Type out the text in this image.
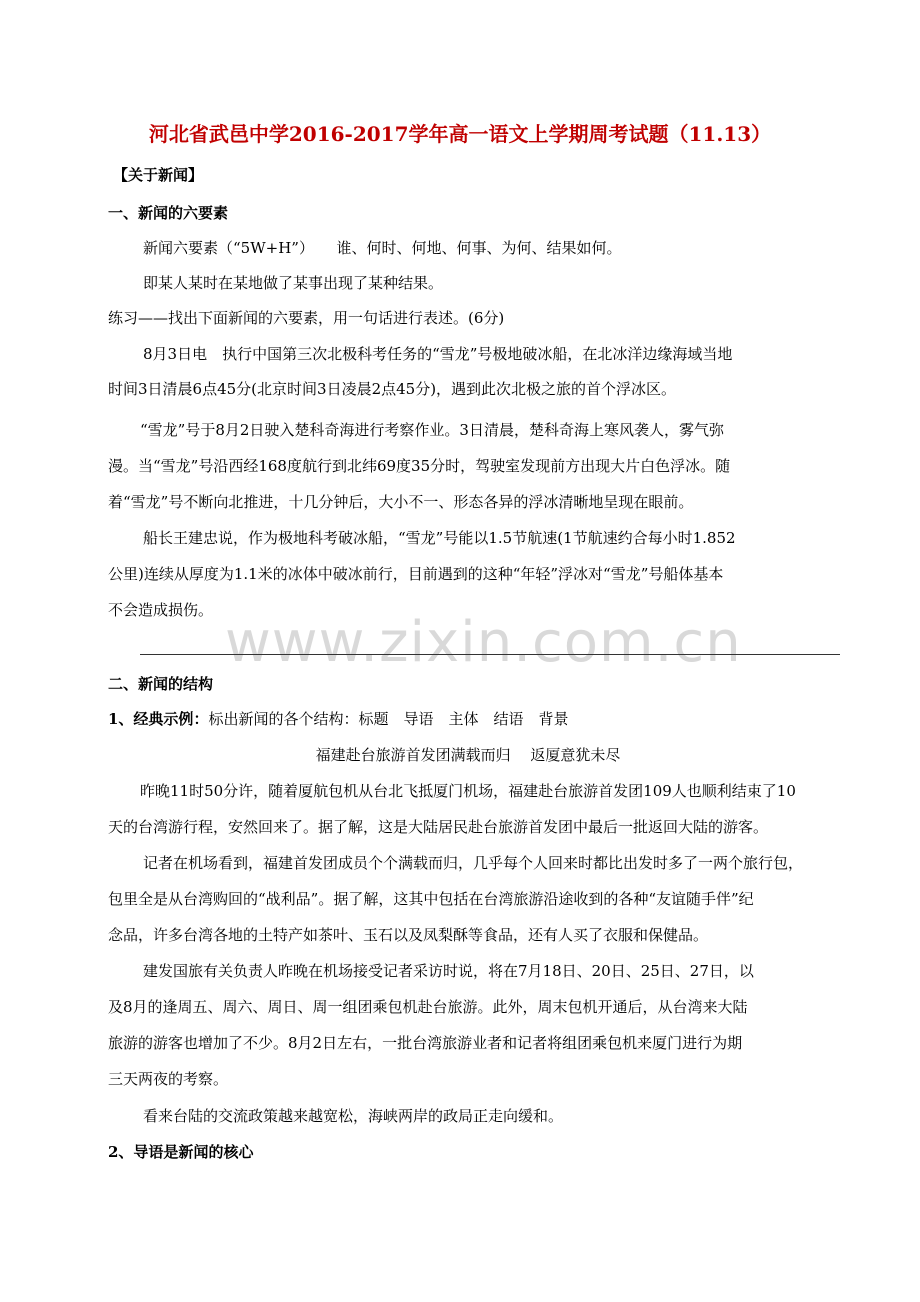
河北省武邑中学2016-2017学年高一语文上学期周考试题（11.13）
【关于新闻】
一、新闻的六要素
新闻六要素（“5W+H”）　　谁、何时、何地、何事、为何、结果如何。
即某人某时在某地做了某事出现了某种结果。
练习——找出下面新闻的六要素，用一句话进行表述。(6分)
8月3日电　执行中国第三次北极科考任务的“雪龙”号极地破冰船，在北冰洋边缘海域当地
时间3日清晨6点45分(北京时间3日凌晨2点45分)，遇到此次北极之旅的首个浮冰区。
“雪龙”号于8月2日驶入楚科奇海进行考察作业。3日清晨，楚科奇海上寒风袭人，雾气弥
漫。当“雪龙”号沿西经168度航行到北纬69度35分时，驾驶室发现前方出现大片白色浮冰。随
着“雪龙”号不断向北推进，十几分钟后，大小不一、形态各异的浮冰清晰地呈现在眼前。
船长王建忠说，作为极地科考破冰船，“雪龙”号能以1.5节航速(1节航速约合每小时1.852
公里)连续从厚度为1.1米的冰体中破冰前行，目前遇到的这种“年轻”浮冰对“雪龙”号船体基本
不会造成损伤。 www.zixin.com.cn
二、新闻的结构
1、经典示例：标出新闻的各个结构：标题　导语　主体　结语　背景
福建赴台旅游首发团满载而归　 返厦意犹未尽
昨晚11时50分许，随着厦航包机从台北飞抵厦门机场，福建赴台旅游首发团109人也顺利结束了10
天的台湾游行程，安然回来了。据了解，这是大陆居民赴台旅游首发团中最后一批返回大陆的游客。
记者在机场看到，福建首发团成员个个满载而归，几乎每个人回来时都比出发时多了一两个旅行包，
包里全是从台湾购回的“战利品”。据了解，这其中包括在台湾旅游沿途收到的各种“友谊随手伴”纪
念品，许多台湾各地的土特产如茶叶、玉石以及凤梨酥等食品，还有人买了衣服和保健品。
建发国旅有关负责人昨晚在机场接受记者采访时说，将在7月18日、20日、25日、27日，以
及8月的逢周五、周六、周日、周一组团乘包机赴台旅游。此外，周末包机开通后，从台湾来大陆
旅游的游客也增加了不少。8月2日左右，一批台湾旅游业者和记者将组团乘包机来厦门进行为期
三天两夜的考察。
看来台陆的交流政策越来越宽松，海峡两岸的政局正走向缓和。
2、导语是新闻的核心
